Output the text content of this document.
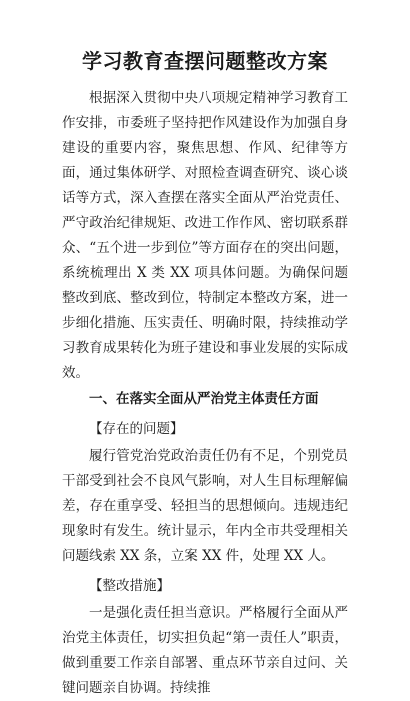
学习教育查摆问题整改方案

根据深入贯彻中央八项规定精神学习教育工作安排，市委班子坚持把作风建设作为加强自身建设的重要内容，聚焦思想、作风、纪律等方面，通过集体研学、对照检查调查研究、谈心谈话等方式，深入查摆在落实全面从严治党责任、严守政治纪律规矩、改进工作作风、密切联系群众、“五个进一步到位”等方面存在的突出问题，系统梳理出 X 类 XX 项具体问题。为确保问题整改到底、整改到位，特制定本整改方案，进一步细化措施、压实责任、明确时限，持续推动学习教育成果转化为班子建设和事业发展的实际成效。

一、在落实全面从严治党主体责任方面

【存在的问题】

履行管党治党政治责任仍有不足，个别党员干部受到社会不良风气影响，对人生目标理解偏差，存在重享受、轻担当的思想倾向。违规违纪现象时有发生。统计显示，年内全市共受理相关问题线索 XX 条，立案 XX 件，处理 XX 人。

【整改措施】

一是强化责任担当意识。严格履行全面从严治党主体责任，切实担负起“第一责任人”职责，做到重要工作亲自部署、重点环节亲自过问、关键问题亲自协调。持续推
